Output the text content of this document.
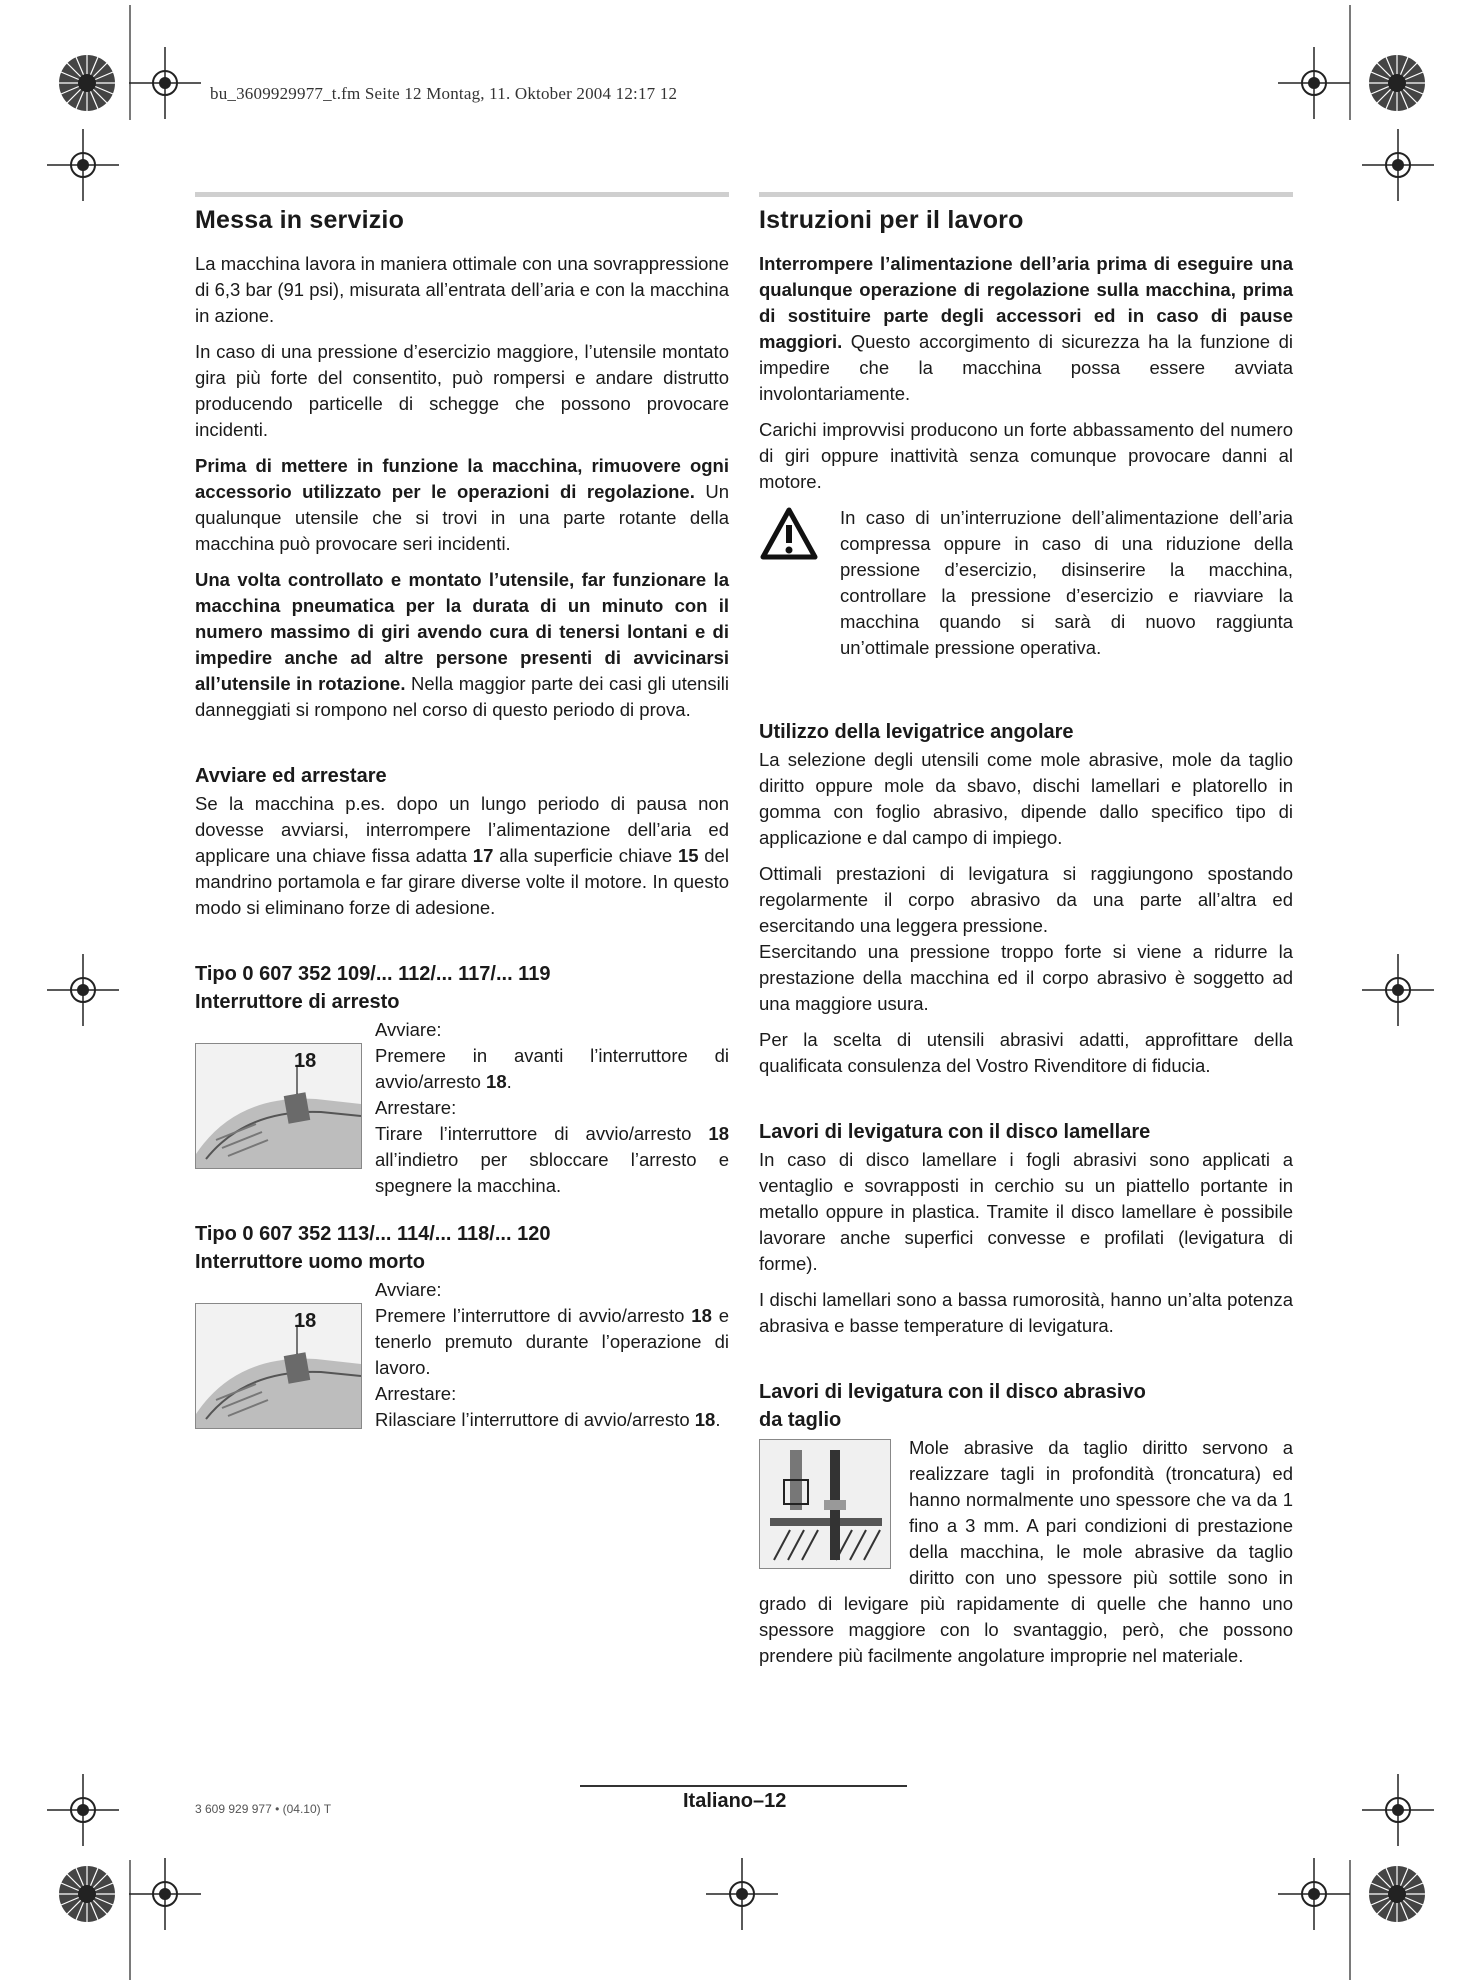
bu_3609929977_t.fm Seite 12 Montag, 11. Oktober 2004 12:17 12
Messa in servizio

La macchina lavora in maniera ottimale con una sovrappressione di 6,3 bar (91 psi), misurata all’entrata dell’aria e con la macchina in azione.

In caso di una pressione d’esercizio maggiore, l’utensile montato gira più forte del consentito, può rompersi e andare distrutto producendo particelle di schegge che possono provocare incidenti.

Prima di mettere in funzione la macchina, rimuovere ogni accessorio utilizzato per le operazioni di regolazione. Un qualunque utensile che si trovi in una parte rotante della macchina può provocare seri incidenti.

Una volta controllato e montato l’utensile, far funzionare la macchina pneumatica per la durata di un minuto con il numero massimo di giri avendo cura di tenersi lontani e di impedire anche ad altre persone presenti di avvicinarsi all’utensile in rotazione. Nella maggior parte dei casi gli utensili danneggiati si rompono nel corso di questo periodo di prova.

Avviare ed arrestare

Se la macchina p.es. dopo un lungo periodo di pausa non dovesse avviarsi, interrompere l’alimentazione dell’aria ed applicare una chiave fissa adatta 17 alla superficie chiave 15 del mandrino portamola e far girare diverse volte il motore. In questo modo si eliminano forze di adesione.

Tipo 0 607 352 109/... 112/... 117/... 119
Interruttore di arresto
18
Avviare:
Premere in avanti l’interruttore di avvio/arresto 18.
Arrestare:
Tirare l’interruttore di avvio/arresto 18 all’indietro per sbloccare l’arresto e spegnere la macchina.
Tipo 0 607 352 113/... 114/... 118/... 120
Interruttore uomo morto
18
Avviare:
Premere l’interruttore di avvio/arresto 18 e tenerlo premuto durante l’operazione di lavoro.
Arrestare:
Rilasciare l’interruttore di avvio/arresto 18.
Istruzioni per il lavoro

Interrompere l’alimentazione dell’aria prima di eseguire una qualunque operazione di regolazione sulla macchina, prima di sostituire parte degli accessori ed in caso di pause maggiori. Questo accorgimento di sicurezza ha la funzione di impedire che la macchina possa essere avviata involontariamente.

Carichi improvvisi producono un forte abbassamento del numero di giri oppure inattività senza comunque provocare danni al motore.

In caso di un’interruzione dell’alimentazione dell’aria compressa oppure in caso di una riduzione della pressione d’esercizio, disinserire la macchina, controllare la pressione d’esercizio e riavviare la macchina quando si sarà di nuovo raggiunta un’ottimale pressione operativa.

Utilizzo della levigatrice angolare

La selezione degli utensili come mole abrasive, mole da taglio diritto oppure mole da sbavo, dischi lamellari e platorello in gomma con foglio abrasivo, dipende dallo specifico tipo di applicazione e dal campo di impiego.

Ottimali prestazioni di levigatura si raggiungono spostando regolarmente il corpo abrasivo da una parte all’altra ed esercitando una leggera pressione.

Esercitando una pressione troppo forte si viene a ridurre la prestazione della macchina ed il corpo abrasivo è soggetto ad una maggiore usura.

Per la scelta di utensili abrasivi adatti, approfittare della qualificata consulenza del Vostro Rivenditore di fiducia.

Lavori di levigatura con il disco lamellare

In caso di disco lamellare i fogli abrasivi sono applicati a ventaglio e sovrapposti in cerchio su un piattello portante in metallo oppure in plastica. Tramite il disco lamellare è possibile lavorare anche superfici convesse e profilati (levigatura di forme).

I dischi lamellari sono a bassa rumorosità, hanno un’alta potenza abrasiva e basse temperature di levigatura.

Lavori di levigatura con il disco abrasivo
da taglio

Mole abrasive da taglio diritto servono a realizzare tagli in profondità (troncatura) ed hanno normalmente uno spessore che va da 1 fino a 3 mm. A pari condizioni di prestazione della macchina, le mole abrasive da taglio diritto con uno spessore più sottile sono in grado di levigare più rapidamente di quelle che hanno uno spessore maggiore con lo svantaggio, però, che possono prendere più facilmente angolature improprie nel materiale.

3 609 929 977 • (04.10) T	Italiano–12
